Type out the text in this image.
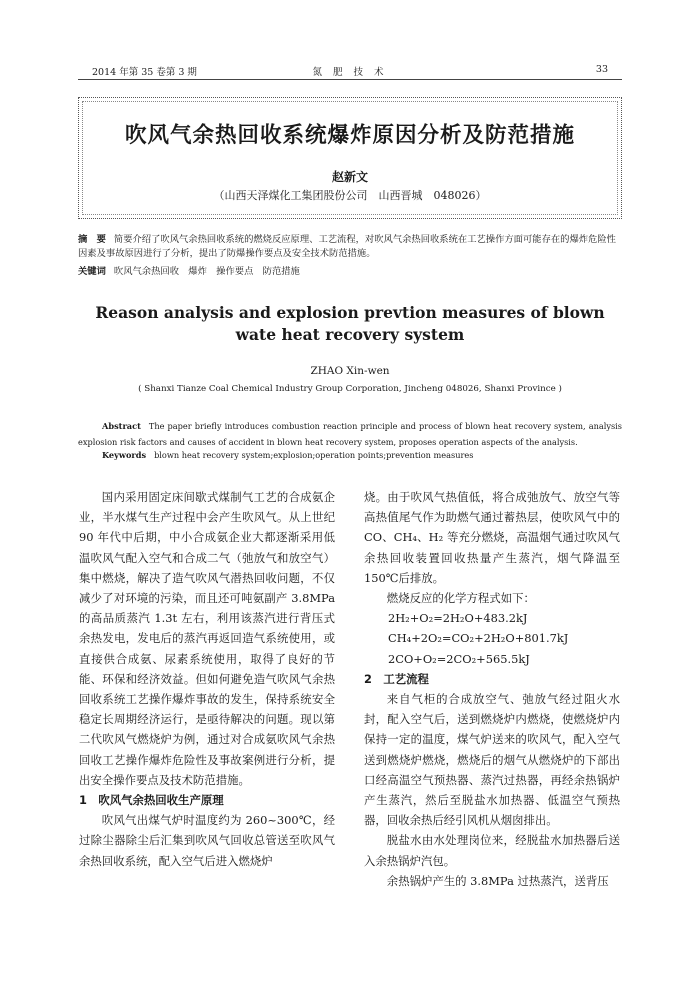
2014 年第 35 卷第 3 期	氮 肥 技 术	33
吹风气余热回收系统爆炸原因分析及防范措施
赵新文
（山西天泽煤化工集团股份公司　山西晋城　048026）
摘　要 简要介绍了吹风气余热回收系统的燃烧反应原理、工艺流程，对吹风气余热回收系统在工艺操作方面可能存在的爆炸危险性因素及事故原因进行了分析，提出了防爆操作要点及安全技术防范措施。
关键词 吹风气余热回收　爆炸　操作要点　防范措施
Reason analysis and explosion prevtion measures of blown wate heat recovery system
ZHAO Xin-wen
( Shanxi Tianze Coal Chemical Industry Group Corporation, Jincheng 048026, Shanxi Province )
Abstract The paper briefly introduces combustion reaction principle and process of blown heat recovery system, analysis explosion risk factors and causes of accident in blown heat recovery system, proposes operation aspects of the analysis.
Keywords blown heat recovery system;explosion;operation points;prevention measures

国内采用固定床间歇式煤制气工艺的合成氨企业，半水煤气生产过程中会产生吹风气。从上世纪 90 年代中后期，中小合成氨企业大都逐渐采用低温吹风气配入空气和合成二气（弛放气和放空气）集中燃烧，解决了造气吹风气潜热回收问题，不仅减少了对环境的污染，而且还可吨氨副产 3.8MPa 的高品质蒸汽 1.3t 左右，利用该蒸汽进行背压式余热发电，发电后的蒸汽再返回造气系统使用，或直接供合成氨、尿素系统使用，取得了良好的节能、环保和经济效益。但如何避免造气吹风气余热回收系统工艺操作爆炸事故的发生，保持系统安全稳定长周期经济运行，是亟待解决的问题。现以第二代吹风气燃烧炉为例，通过对合成氨吹风气余热回收工艺操作爆炸危险性及事故案例进行分析，提出安全操作要点及技术防范措施。

1　吹风气余热回收生产原理

吹风气出煤气炉时温度约为 260~300℃，经过除尘器除尘后汇集到吹风气回收总管送至吹风气余热回收系统，配入空气后进入燃烧炉

烧。由于吹风气热值低，将合成弛放气、放空气等高热值尾气作为助燃气通过蓄热层，使吹风气中的 CO、CH₄、H₂ 等充分燃烧，高温烟气通过吹风气余热回收装置回收热量产生蒸汽，烟气降温至 150℃后排放。

燃烧反应的化学方程式如下：

2H₂+O₂=2H₂O+483.2kJ
CH₄+2O₂=CO₂+2H₂O+801.7kJ
2CO+O₂=2CO₂+565.5kJ
2　工艺流程

来自气柜的合成放空气、弛放气经过阻火水封，配入空气后，送到燃烧炉内燃烧，使燃烧炉内保持一定的温度，煤气炉送来的吹风气，配入空气送到燃烧炉燃烧，燃烧后的烟气从燃烧炉的下部出口经高温空气预热器、蒸汽过热器，再经余热锅炉产生蒸汽，然后至脱盐水加热器、低温空气预热器，回收余热后经引风机从烟囱排出。

脱盐水由水处理岗位来，经脱盐水加热器后送入余热锅炉汽包。

余热锅炉产生的 3.8MPa 过热蒸汽，送背压
